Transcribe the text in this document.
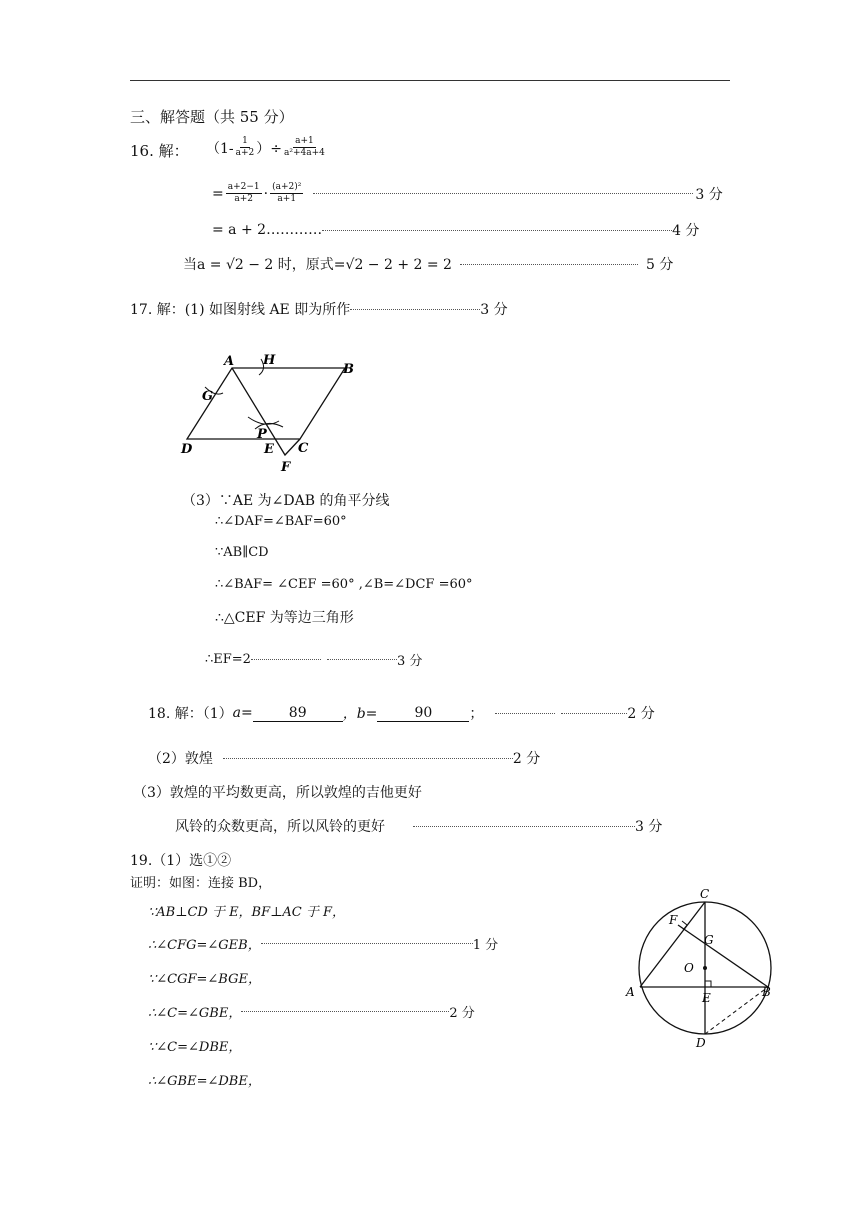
三、解答题（共 55 分）
16. 解： （$1- \frac{1}{a+2}$ ）÷ $\frac{a+1}{\text{a²+4a+4}}$
= $\frac{a+2-1}{a+2} \cdot \frac{\text{(a+2)²}}{a+1}$	3 分
= a + 2…………	4 分
当a = √2 − 2 时，原式=√2 − 2 + 2 = 2	5 分
17. 解：(1) 如图射线 AE 即为所作	3 分
A H
B
G
P
D	E C
F
（3）∵AE 为∠DAB 的角平分线
∴∠DAF=∠BAF=60°
∵AB∥CD
∴∠BAF= ∠CEF =60° ,∠B=∠DCF =60°
∴△CEF 为等边三角形
∴EF=2	3 分
18. 解：（1） a=	89	，b=	90	；	2 分
（2）敦煌	2 分
（3）敦煌的平均数更高，所以敦煌的吉他更好
风铃的众数更高，所以风铃的更好	3 分
19.（1）选①②
证明：如图：连接 BD，
∵AB⊥CD 于 E，BF⊥AC 于 F，
∴∠CFG=∠GEB，	1 分
∵∠CGF=∠BGE，
∴∠C=∠GBE，	2 分
∵∠C=∠DBE，
∴∠GBE=∠DBE，
C
F
G
O
A	E	B
D
